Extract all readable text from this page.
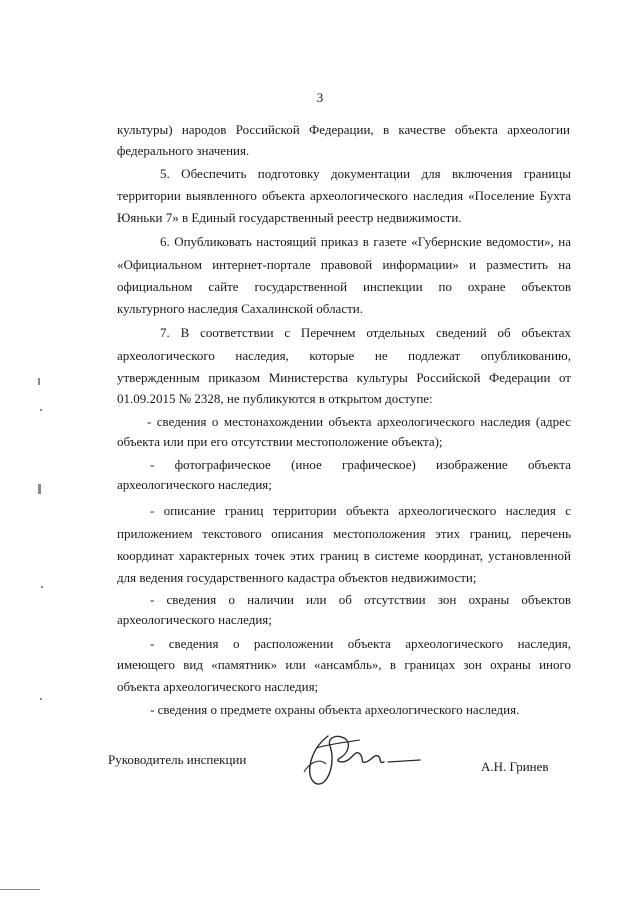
3
культуры) народов Российской Федерации, в качестве объекта археологии
федерального значения.
5. Обеспечить подготовку документации для включения границы
территории выявленного объекта археологического наследия «Поселение Бухта
Юяньки 7» в Единый государственный реестр недвижимости.
6. Опубликовать настоящий приказ в газете «Губернские ведомости», на
«Официальном интернет-портале правовой информации» и разместить на
официальном сайте государственной инспекции по охране объектов
культурного наследия Сахалинской области.
7. В соответствии с Перечнем отдельных сведений об объектах
археологического наследия, которые не подлежат опубликованию,
утвержденным приказом Министерства культуры Российской Федерации от
01.09.2015 № 2328, не публикуются в открытом доступе:
- сведения о местонахождении объекта археологического наследия (адрес
объекта или при его отсутствии местоположение объекта);
- фотографическое (иное графическое) изображение объекта
археологического наследия;
- описание границ территории объекта археологического наследия с
приложением текстового описания местоположения этих границ, перечень
координат характерных точек этих границ в системе координат, установленной
для ведения государственного кадастра объектов недвижимости;
- сведения о наличии или об отсутствии зон охраны объектов
археологического наследия;
- сведения о расположении объекта археологического наследия,
имеющего вид «памятник» или «ансамбль», в границах зон охраны иного
объекта археологического наследия;
- сведения о предмете охраны объекта археологического наследия.
Руководитель инспекции	А.Н. Гринев
